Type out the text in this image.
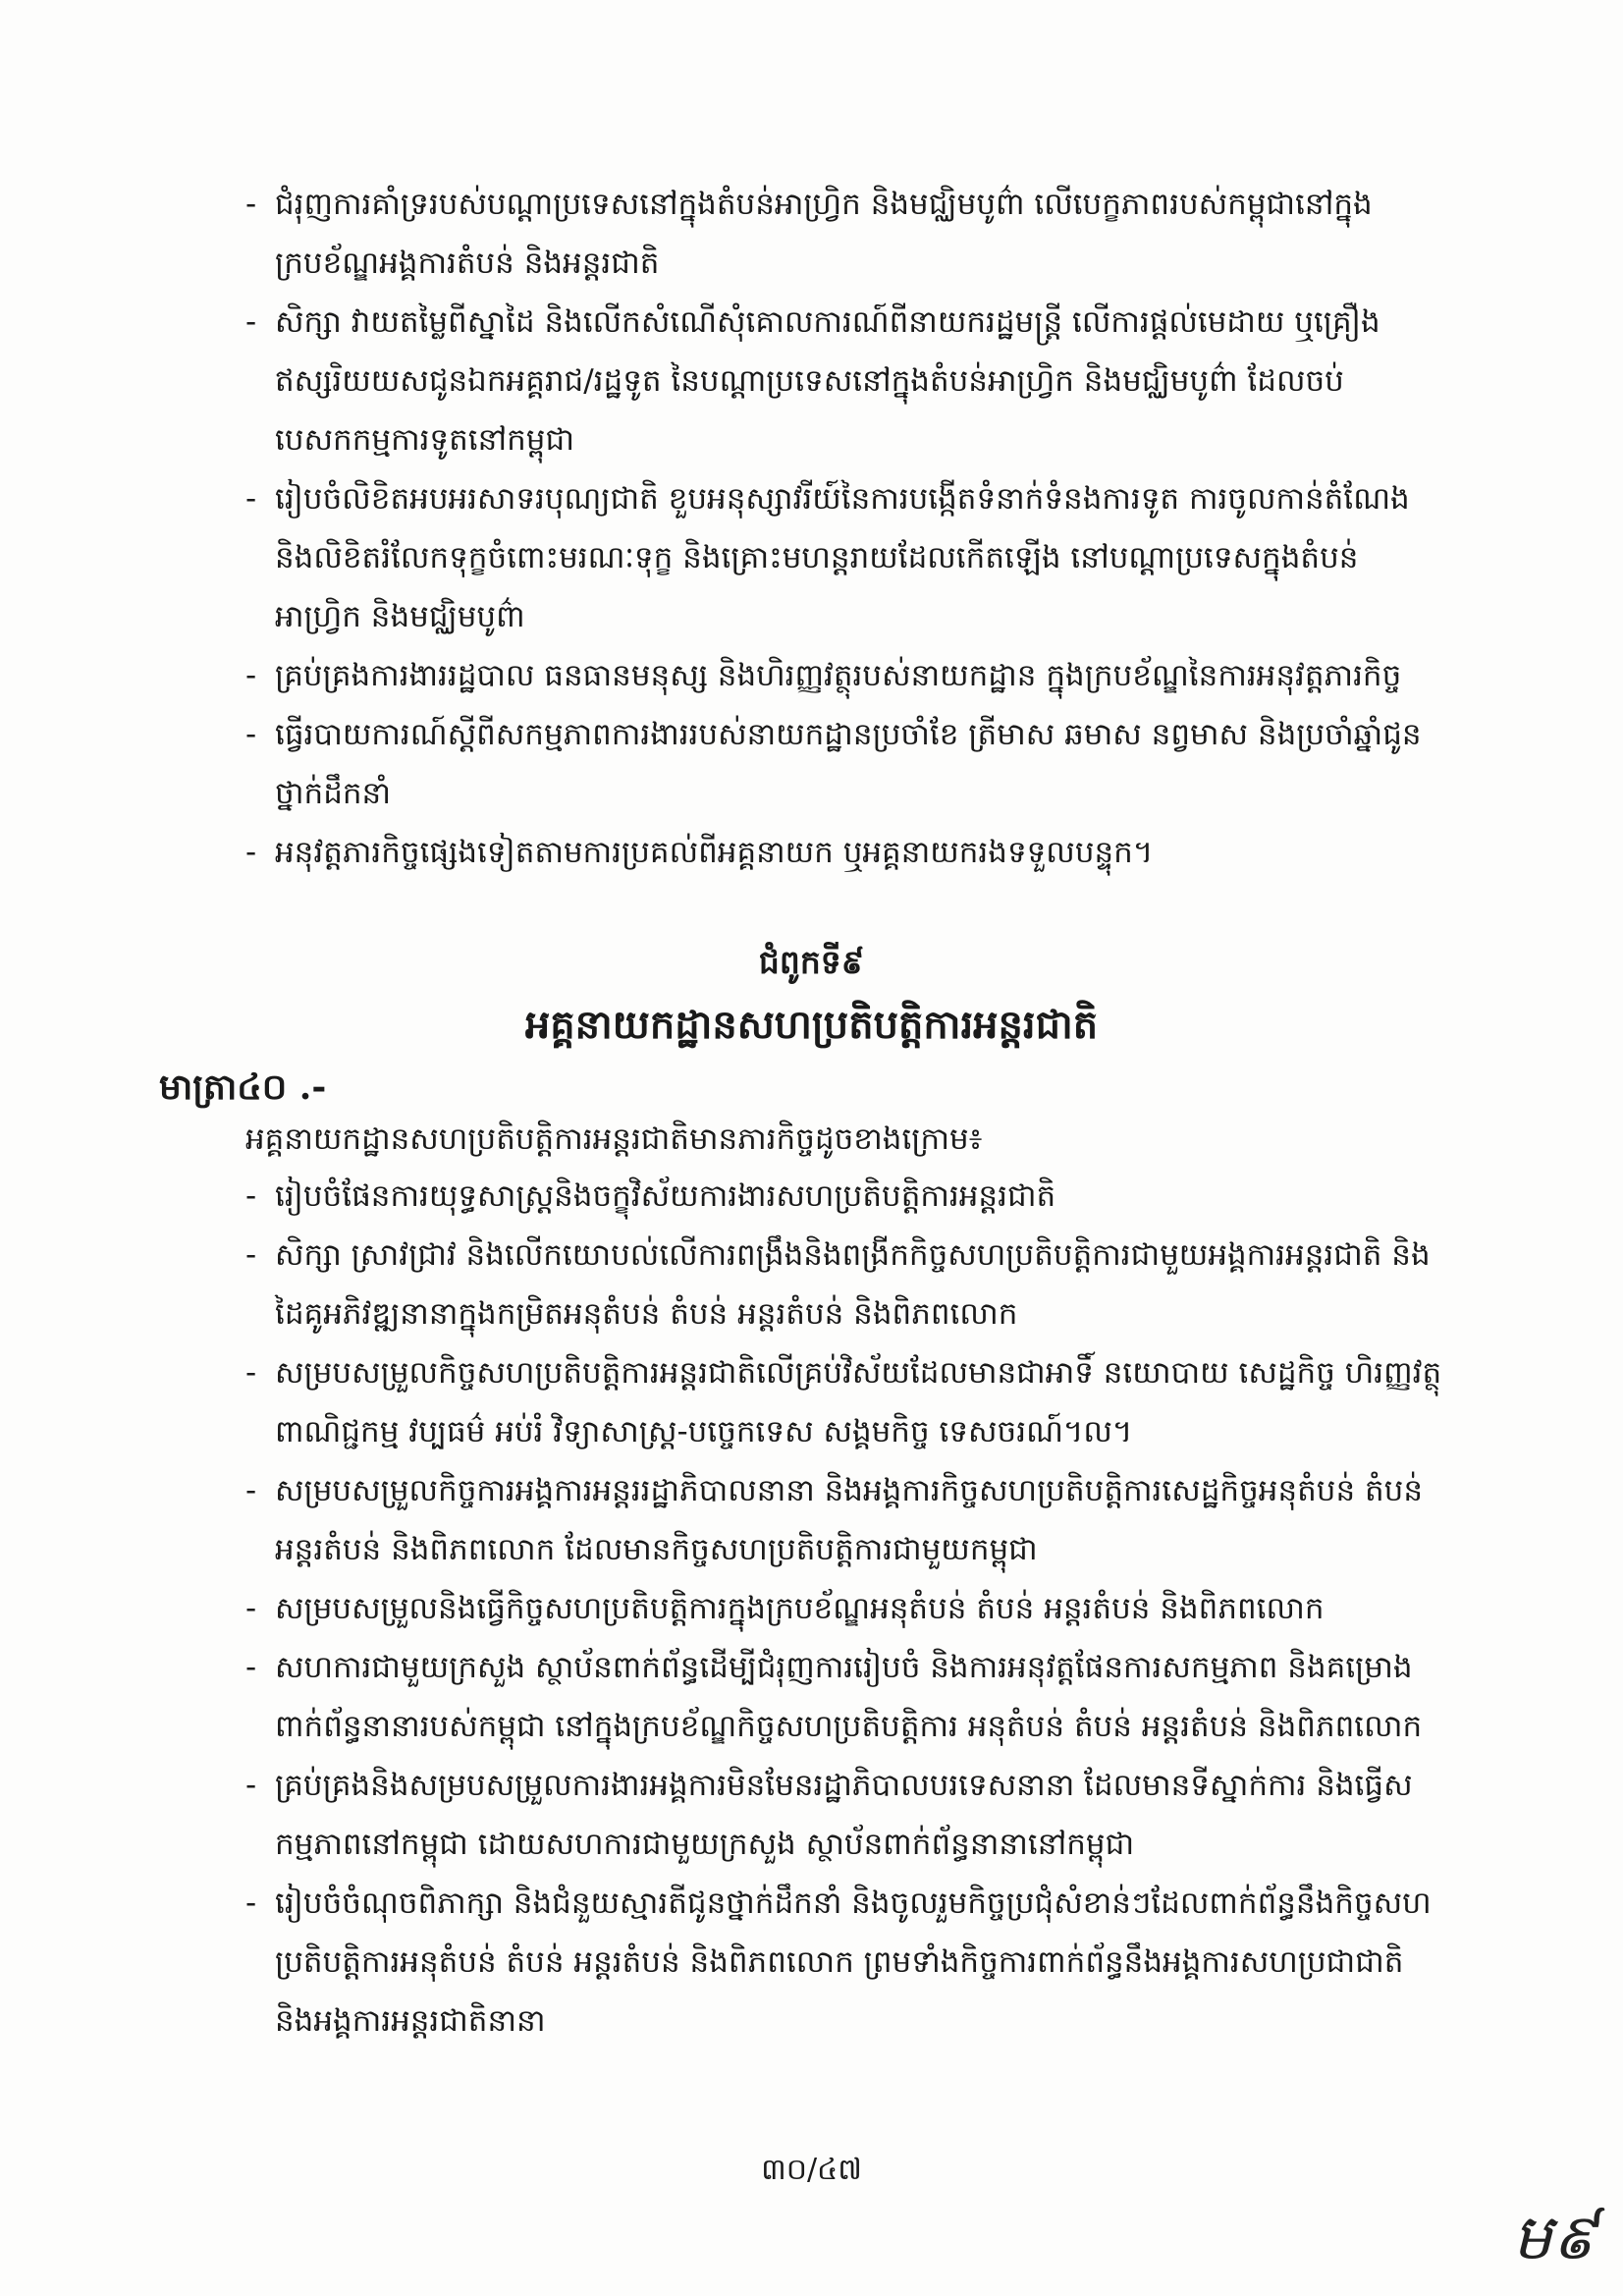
- ជំរុញការគាំទ្ររបស់បណ្តាប្រទេសនៅក្នុងតំបន់អាហ្វ្រិក និងមជ្ឈិមបូព៌ា លើបេក្ខភាពរបស់កម្ពុជានៅក្នុងក្របខ័ណ្ឌអង្គការតំបន់ និងអន្តរជាតិ
- សិក្សា វាយតម្លៃពីស្នាដៃ និងលើកសំណើសុំគោលការណ៍ពីនាយករដ្ឋមន្ត្រី លើការផ្តល់មេដាយ ឬគ្រឿងឥស្សរិយយសជូនឯកអគ្គរាជ/រដ្ឋទូត នៃបណ្តាប្រទេសនៅក្នុងតំបន់អាហ្វ្រិក និងមជ្ឈិមបូព៌ា ដែលចប់បេសកកម្មការទូតនៅកម្ពុជា
- រៀបចំលិខិតអបអរសាទរបុណ្យជាតិ ខួបអនុស្សាវរីយ៍នៃការបង្កើតទំនាក់ទំនងការទូត ការចូលកាន់តំណែង និងលិខិតរំលែកទុក្ខចំពោះមរណៈទុក្ខ និងគ្រោះមហន្តរាយដែលកើតឡើង នៅបណ្តាប្រទេសក្នុងតំបន់អាហ្វ្រិក និងមជ្ឈិមបូព៌ា
- គ្រប់គ្រងការងាររដ្ឋបាល ធនធានមនុស្ស និងហិរញ្ញវត្ថុរបស់នាយកដ្ឋាន ក្នុងក្របខ័ណ្ឌនៃការអនុវត្តភារកិច្ច
- ធ្វើរបាយការណ៍ស្តីពីសកម្មភាពការងាររបស់នាយកដ្ឋានប្រចាំខែ ត្រីមាស ឆមាស នព្វមាស និងប្រចាំឆ្នាំជូនថ្នាក់ដឹកនាំ
- អនុវត្តភារកិច្ចផ្សេងទៀតតាមការប្រគល់ពីអគ្គនាយក ឬអគ្គនាយករងទទួលបន្ទុក។
ជំពូកទី៩
អគ្គនាយកដ្ឋានសហប្រតិបត្តិការអន្តរជាតិ
មាត្រា៤០ .-
អគ្គនាយកដ្ឋានសហប្រតិបត្តិការអន្តរជាតិមានភារកិច្ចដូចខាងក្រោម៖
- រៀបចំផែនការយុទ្ធសាស្ត្រនិងចក្ខុវិស័យការងារសហប្រតិបត្តិការអន្តរជាតិ
- សិក្សា ស្រាវជ្រាវ និងលើកយោបល់លើការពង្រឹងនិងពង្រីកកិច្ចសហប្រតិបត្តិការជាមួយអង្គការអន្តរជាតិ និងដៃគូអភិវឌ្ឍនានាក្នុងកម្រិតអនុតំបន់ តំបន់ អន្តរតំបន់ និងពិភពលោក
- សម្របសម្រួលកិច្ចសហប្រតិបត្តិការអន្តរជាតិលើគ្រប់វិស័យដែលមានជាអាទិ៍ នយោបាយ សេដ្ឋកិច្ច ហិរញ្ញវត្ថុ ពាណិជ្ជកម្ម វប្បធម៌ អប់រំ វិទ្យាសាស្ត្រ-បច្ចេកទេស សង្គមកិច្ច ទេសចរណ៍។ល។
- សម្របសម្រួលកិច្ចការអង្គការអន្តររដ្ឋាភិបាលនានា និងអង្គការកិច្ចសហប្រតិបត្តិការសេដ្ឋកិច្ចអនុតំបន់ តំបន់ អន្តរតំបន់ និងពិភពលោក ដែលមានកិច្ចសហប្រតិបត្តិការជាមួយកម្ពុជា
- សម្របសម្រួលនិងធ្វើកិច្ចសហប្រតិបត្តិការក្នុងក្របខ័ណ្ឌអនុតំបន់ តំបន់ អន្តរតំបន់ និងពិភពលោក
- សហការជាមួយក្រសួង ស្ថាប័នពាក់ព័ន្ធដើម្បីជំរុញការរៀបចំ និងការអនុវត្តផែនការសកម្មភាព និងគម្រោងពាក់ព័ន្ធនានារបស់កម្ពុជា នៅក្នុងក្របខ័ណ្ឌកិច្ចសហប្រតិបត្តិការ អនុតំបន់ តំបន់ អន្តរតំបន់ និងពិភពលោក
- គ្រប់គ្រងនិងសម្របសម្រួលការងារអង្គការមិនមែនរដ្ឋាភិបាលបរទេសនានា ដែលមានទីស្នាក់ការ និងធ្វើសកម្មភាពនៅកម្ពុជា ដោយសហការជាមួយក្រសួង ស្ថាប័នពាក់ព័ន្ធនានានៅកម្ពុជា
- រៀបចំចំណុចពិភាក្សា និងជំនួយស្មារតីជូនថ្នាក់ដឹកនាំ និងចូលរួមកិច្ចប្រជុំសំខាន់ៗដែលពាក់ព័ន្ធនឹងកិច្ចសហប្រតិបត្តិការអនុតំបន់ តំបន់ អន្តរតំបន់ និងពិភពលោក ព្រមទាំងកិច្ចការពាក់ព័ន្ធនឹងអង្គការសហប្រជាជាតិ និងអង្គការអន្តរជាតិនានា
៣០/៤៧
ម៩
